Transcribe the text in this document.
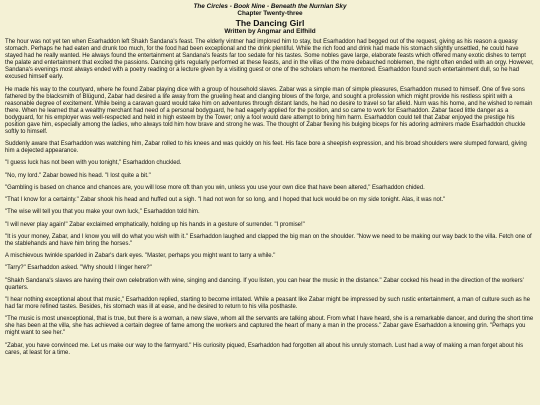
The Circles - Book Nine - Beneath the Nurnian Sky
Chapter Twenty-three
The Dancing Girl
Written by Angmar and Elfhild

The hour was not yet ten when Esarhaddon left Shakh Sandana's feast. The elderly vintner had implored him to stay, but Esarhaddon had begged out of the request, giving as his reason a queasy stomach. Perhaps he had eaten and drunk too much, for the food had been exceptional and the drink plentiful. While the rich food and drink had made his stomach slightly unsettled, he could have stayed had he really wanted. He always found the entertainment at Sandana's feasts far too sedate for his tastes. Some nobles gave large, elaborate feasts which offered many exotic dishes to tempt the palate and entertainment that excited the passions. Dancing girls regularly performed at these feasts, and in the villas of the more debauched noblemen, the night often ended with an orgy. However, Sandana's evenings most always ended with a poetry reading or a lecture given by a visiting guest or one of the scholars whom he mentored. Esarhaddon found such entertainment dull, so he had excused himself early.

He made his way to the courtyard, where he found Zabar playing dice with a group of household slaves. Zabar was a simple man of simple pleasures, Esarhaddon mused to himself. One of five sons fathered by the blacksmith of Blügund, Zabar had desired a life away from the grueling heat and clanging blows of the forge, and sought a profession which might provide his restless spirit with a reasonable degree of excitement. While being a caravan guard would take him on adventures through distant lands, he had no desire to travel so far afield. Nurn was his home, and he wished to remain there. When he learned that a wealthy merchant had need of a personal bodyguard, he had eagerly applied for the position, and so came to work for Esarhaddon. Zabar faced little danger as a bodyguard, for his employer was well-respected and held in high esteem by the Tower; only a fool would dare attempt to bring him harm. Esarhaddon could tell that Zabar enjoyed the prestige his position gave him, especially among the ladies, who always told him how brave and strong he was. The thought of Zabar flexing his bulging biceps for his adoring admirers made Esarhaddon chuckle softly to himself.

Suddenly aware that Esarhaddon was watching him, Zabar rolled to his knees and was quickly on his feet. His face bore a sheepish expression, and his broad shoulders were slumped forward, giving him a dejected appearance.

"I guess luck has not been with you tonight," Esarhaddon chuckled.

"No, my lord." Zabar bowed his head. "I lost quite a bit."

"Gambling is based on chance and chances are, you will lose more oft than you win, unless you use your own dice that have been altered," Esarhaddon chided.

"That I know for a certainty." Zabar shook his head and huffed out a sigh. "I had not won for so long, and I hoped that luck would be on my side tonight. Alas, it was not."

"The wise will tell you that you make your own luck," Esarhaddon told him.

"I will never play again!" Zabar exclaimed emphatically, holding up his hands in a gesture of surrender. "I promise!"

"It is your money, Zabar, and I know you will do what you wish with it." Esarhaddon laughed and clapped the big man on the shoulder. "Now we need to be making our way back to the villa. Fetch one of the stablehands and have him bring the horses."

A mischievous twinkle sparkled in Zabar's dark eyes. "Master, perhaps you might want to tarry a while."

"Tarry?" Esarhaddon asked. "Why should I linger here?"

"Shakh Sandana's slaves are having their own celebration with wine, singing and dancing. If you listen, you can hear the music in the distance." Zabar cocked his head in the direction of the workers' quarters.

"I hear nothing exceptional about that music," Esarhaddon replied, starting to become irritated. While a peasant like Zabar might be impressed by such rustic entertainment, a man of culture such as he had far more refined tastes. Besides, his stomach was ill at ease, and he desired to return to his villa posthaste.

"The music is most unexceptional, that is true, but there is a woman, a new slave, whom all the servants are talking about. From what I have heard, she is a remarkable dancer, and during the short time she has been at the villa, she has achieved a certain degree of fame among the workers and captured the heart of many a man in the process." Zabar gave Esarhaddon a knowing grin. "Perhaps you might want to see her."

"Zabar, you have convinced me. Let us make our way to the farmyard." His curiosity piqued, Esarhaddon had forgotten all about his unruly stomach. Lust had a way of making a man forget about his cares, at least for a time.
